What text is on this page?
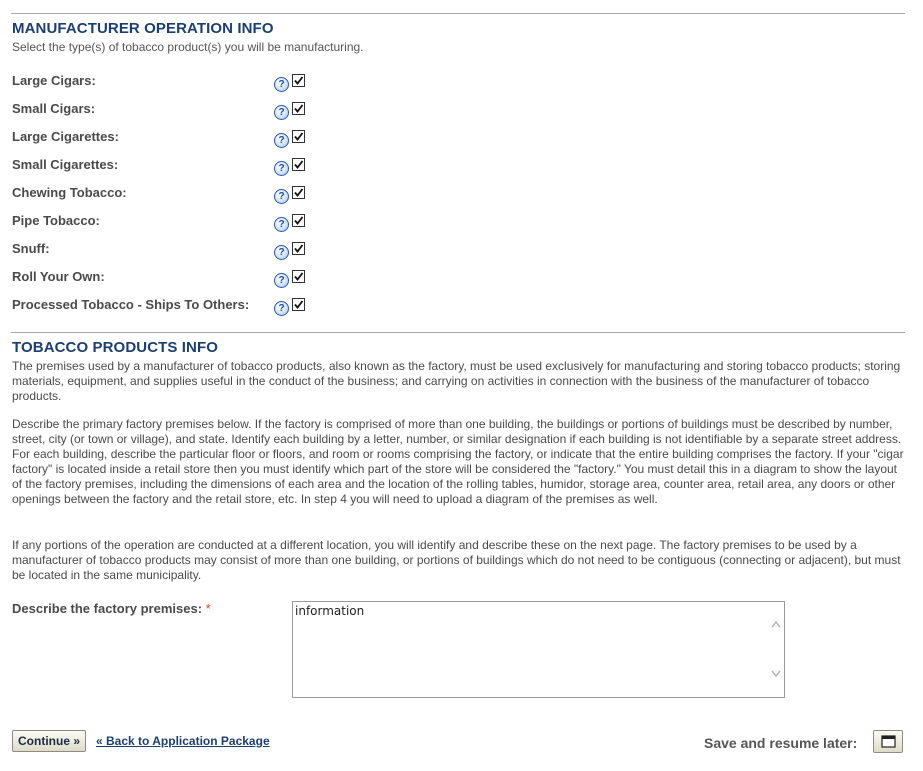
MANUFACTURER OPERATION INFO
Select the type(s) of tobacco product(s) you will be manufacturing.
Large Cigars:	?
Small Cigars:	?
Large Cigarettes:	?
Small Cigarettes:	?
Chewing Tobacco:	?
Pipe Tobacco:	?
Snuff:	?
Roll Your Own:	?
Processed Tobacco - Ships To Others:	?
TOBACCO PRODUCTS INFO
The premises used by a manufacturer of tobacco products, also known as the factory, must be used exclusively for manufacturing and storing tobacco products; storing materials, equipment, and supplies useful in the conduct of the business; and carrying on activities in connection with the business of the manufacturer of tobacco products.
Describe the primary factory premises below. If the factory is comprised of more than one building, the buildings or portions of buildings must be described by number, street, city (or town or village), and state. Identify each building by a letter, number, or similar designation if each building is not identifiable by a separate street address. For each building, describe the particular floor or floors, and room or rooms comprising the factory, or indicate that the entire building comprises the factory. If your "cigar factory" is located inside a retail store then you must identify which part of the store will be considered the "factory." You must detail this in a diagram to show the layout of the factory premises, including the dimensions of each area and the location of the rolling tables, humidor, storage area, counter area, retail area, any doors or other openings between the factory and the retail store, etc. In step 4 you will need to upload a diagram of the premises as well.
If any portions of the operation are conducted at a different location, you will identify and describe these on the next page. The factory premises to be used by a manufacturer of tobacco products may consist of more than one building, or portions of buildings which do not need to be contiguous (connecting or adjacent), but must be located in the same municipality.
Describe the factory premises: *	information
Continue »	« Back to Application Package	Save and resume later:
